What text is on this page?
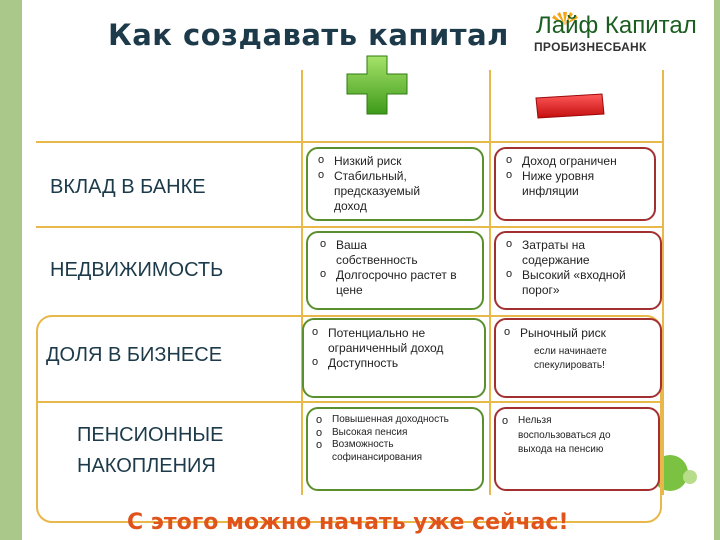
Как создавать капитал Лайф Капитал
ПРОБИЗНЕСБАНК
ВКЛАД В БАНКЕ
НЕДВИЖИМОСТЬ
ДОЛЯ В БИЗНЕСЕ
ПЕНСИОННЫЕ
НАКОПЛЕНИЯ
o Низкий риск
o Стабильный, предсказуемый доход
o Доход ограничен
o Ниже уровня инфляции
o Ваша собственность
o Долгосрочно растет в цене
o Затраты на содержание
o Высокий «входной порог»
o Потенциально не ограниченный доход
o Доступность
o Рыночный риск
если начинаете спекулировать!
o Повышенная доходность
o Высокая пенсия
o Возможность софинансирования
o Нельзя воспользоваться до выхода на пенсию
С этого можно начать уже сейчас!
